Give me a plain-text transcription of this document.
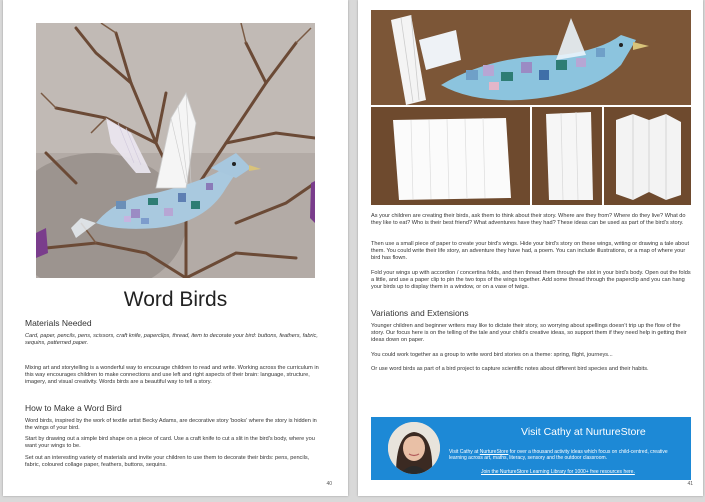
Word Birds
Materials Needed
Card, paper, pencils, pens, scissors, craft knife, paperclips, thread, item to decorate your bird: buttons, feathers, fabric, sequins, patterned paper.
Mixing art and storytelling is a wonderful way to encourage children to read and write. Working across the curriculum in this way encourages children to make connections and use left and right aspects of their brain: language, structure, imagery, and visual creativity. Words birds are a beautiful way to tell a story.
How to Make a Word Bird
Word birds, inspired by the work of textile artist Becky Adams, are decorative story 'books' where the story is hidden in the wings of your bird.
Start by drawing out a simple bird shape on a piece of card. Use a craft knife to cut a slit in the bird's body, where you want your wings to be.
Set out an interesting variety of materials and invite your children to use them to decorate their birds: pens, pencils, fabric, coloured collage paper, feathers, buttons, sequins.
40
As your children are creating their birds, ask them to think about their story. Where are they from? Where do they live? What do they like to eat? Who is their best friend? What adventures have they had? These ideas can be used as part of the bird's story.
Then use a small piece of paper to create your bird's wings. Hide your bird's story on these wings, writing or drawing a tale about them. You could write their life story, an adventure they have had, a poem. You can include illustrations, or a map of where your bird has flown.
Fold your wings up with accordion / concertina folds, and then thread them through the slot in your bird's body. Open out the folds a little, and use a paper clip to pin the two tops of the wings together. Add some thread through the paperclip and you can hang your birds up to display them in a window, or on a vase of twigs.
Variations and Extensions
Younger children and beginner writers may like to dictate their story, so worrying about spellings doesn't trip up the flow of the story. Our focus here is on the telling of the tale and your child's creative ideas, so support them if they need help in getting their ideas down on paper.
You could work together as a group to write word bird stories on a theme: spring, flight, journeys...
Or use word birds as part of a bird project to capture scientific notes about different bird species and their habits.
Visit Cathy at NurtureStore
Visit Cathy at NurtureStore for over a thousand activity ideas which focus on child-centred, creative learning across art, maths, literacy, sensory and the outdoor classroom.
Join the NurtureStore Learning Library for 1000+ free resources here.
41
